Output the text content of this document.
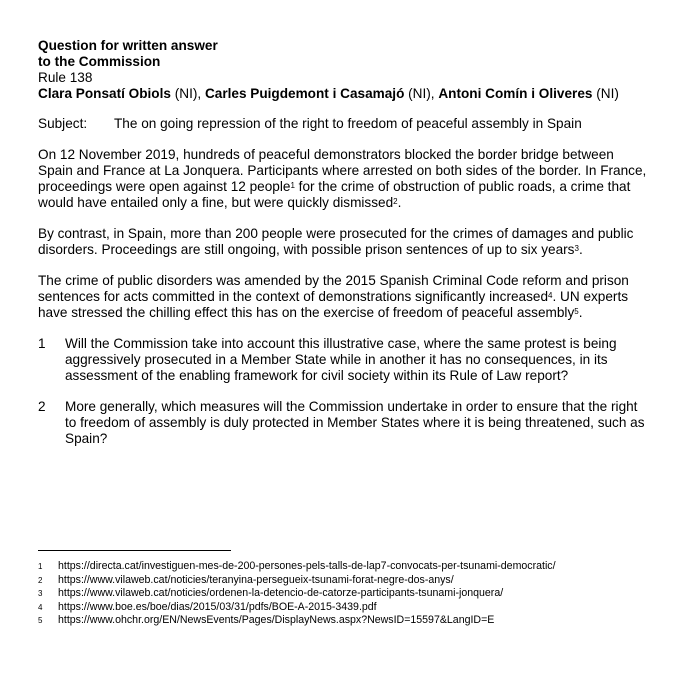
Question for written answer
to the Commission
Rule 138
Clara Ponsatí Obiols (NI), Carles Puigdemont i Casamajó (NI), Antoni Comín i Oliveres (NI)
Subject:	The on going repression of the right to freedom of peaceful assembly in Spain
On 12 November 2019, hundreds of peaceful demonstrators blocked the border bridge between
Spain and France at La Jonquera. Participants where arrested on both sides of the border. In France,
proceedings were open against 12 people$^1$ for the crime of obstruction of public roads, a crime that
would have entailed only a fine, but were quickly dismissed$^2$.
By contrast, in Spain, more than 200 people were prosecuted for the crimes of damages and public
disorders. Proceedings are still ongoing, with possible prison sentences of up to six years$^3$.
The crime of public disorders was amended by the 2015 Spanish Criminal Code reform and prison
sentences for acts committed in the context of demonstrations significantly increased$^4$. UN experts
have stressed the chilling effect this has on the exercise of freedom of peaceful assembly$^5$.
1	Will the Commission take into account this illustrative case, where the same protest is being
aggressively prosecuted in a Member State while in another it has no consequences, in its
assessment of the enabling framework for civil society within its Rule of Law report?
2	More generally, which measures will the Commission undertake in order to ensure that the right
to freedom of assembly is duly protected in Member States where it is being threatened, such as
Spain?
1	https://directa.cat/investiguen-mes-de-200-persones-pels-talls-de-lap7-convocats-per-tsunami-democratic/
2	https://www.vilaweb.cat/noticies/teranyina-persegueix-tsunami-forat-negre-dos-anys/
3	https://www.vilaweb.cat/noticies/ordenen-la-detencio-de-catorze-participants-tsunami-jonquera/
4	https://www.boe.es/boe/dias/2015/03/31/pdfs/BOE-A-2015-3439.pdf
5	https://www.ohchr.org/EN/NewsEvents/Pages/DisplayNews.aspx?NewsID=15597&LangID=E
